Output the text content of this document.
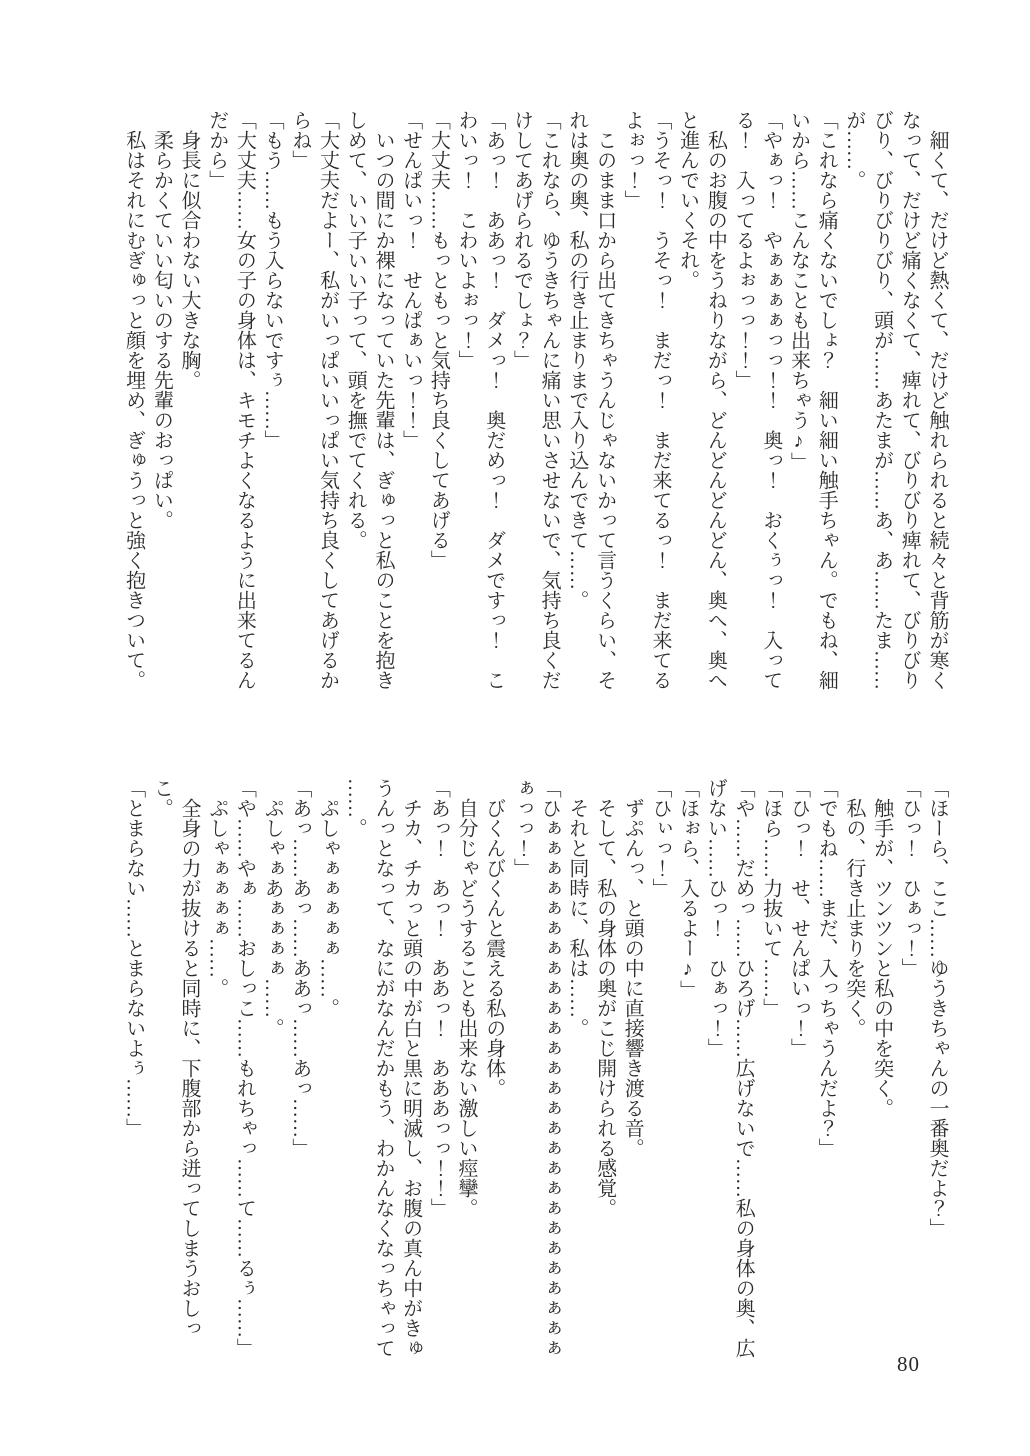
　細くて、だけど熱くて、だけど触れられると続々と背筋が寒く

なって、だけど痛くなくて、痺れて、びりびり痺れて、びりびり

びり、びりびりびり、頭が……あたまが……あ、あ……たま……

が……。

「これなら痛くないでしょ？　細い細い触手ちゃん。でもね、細

いから……こんなことも出来ちゃう♪」

「やぁっ！　やぁぁぁぁっっ！！　奥っ！　おくぅっ！　入って

る！　入ってるよぉっっ！！」

　私のお腹の中をうねりながら、どんどんどんどん、奥へ、奥へ

と進んでいくそれ。

「うそっ！　うそっ！　まだっ！　まだ来てるっ！　まだ来てる

よぉっ！」

　このまま口から出てきちゃうんじゃないかって言うくらい、そ

れは奥の奥、私の行き止まりまで入り込んできて……。

「これなら、ゆうきちゃんに痛い思いさせないで、気持ち良くだ

けしてあげられるでしょ？」

「あっ！　ああっ！　ダメっ！　奥だめっ！　ダメですっ！　こ

わいっ！　こわいよぉっ！」

「大丈夫……もっともっと気持ち良くしてあげる」

「せんぱいっ！　せんぱぁいっ！！」

　いつの間にか裸になっていた先輩は、ぎゅっと私のことを抱き

しめて、いい子いい子って、頭を撫でてくれる。

「大丈夫だよー、私がいっぱいいっぱい気持ち良くしてあげるか

らね」

「もう……もう入らないですぅ……」

「大丈夫……女の子の身体は、キモチよくなるように出来てるん

だから」

　身長に似合わない大きな胸。

　柔らかくていい匂いのする先輩のおっぱい。

　私はそれにむぎゅっと顔を埋め、ぎゅうっと強く抱きついて。

「ほーら、ここ……ゆうきちゃんの一番奥だよ？」

「ひっ！　ひぁっ！」

　触手が、ツンツンと私の中を突く。

　私の、行き止まりを突く。

「でもね……まだ、入っちゃうんだよ？」

「ひっ！　せ、せんぱいっ！」

「ほら……力抜いて……」

「や……だめっ……ひろげ……広げないで……私の身体の奥、広

げない……ひっ！　ひぁっ！」

「ほぉら、入るよー♪」

「ひぃっ！」

　ずぷんっ、と頭の中に直接響き渡る音。

　そして、私の身体の奥がこじ開けられる感覚。

　それと同時に、私は……。

「ひぁぁぁぁぁぁぁぁぁぁぁぁぁぁぁぁぁぁぁぁぁぁぁぁぁぁぁ

ぁっっ！」

　びくんびくんと震える私の身体。

　自分じゃどうすることも出来ない激しい痙攣。

「あっ！　あっ！　ああっ！　あああっっ！！」

　チカ、チカっと頭の中が白と黒に明滅し、お腹の真ん中がきゅ

うんっとなって、なにがなんだかもう、わかんなくなっちゃって

……。

　ぷしゃぁぁぁぁぁ……。

「あっ……あっ……ああっ……あっ……」

　ぷしゃぁあぁぁぁぁ……。

「や……やぁ……おしっこ……もれちゃっ……て……るぅ……」

　ぷしゃぁぁぁぁ……。

　全身の力が抜けると同時に、下腹部から迸ってしまうおしっ

こ。

「とまらない……とまらないよぅ……」

80
